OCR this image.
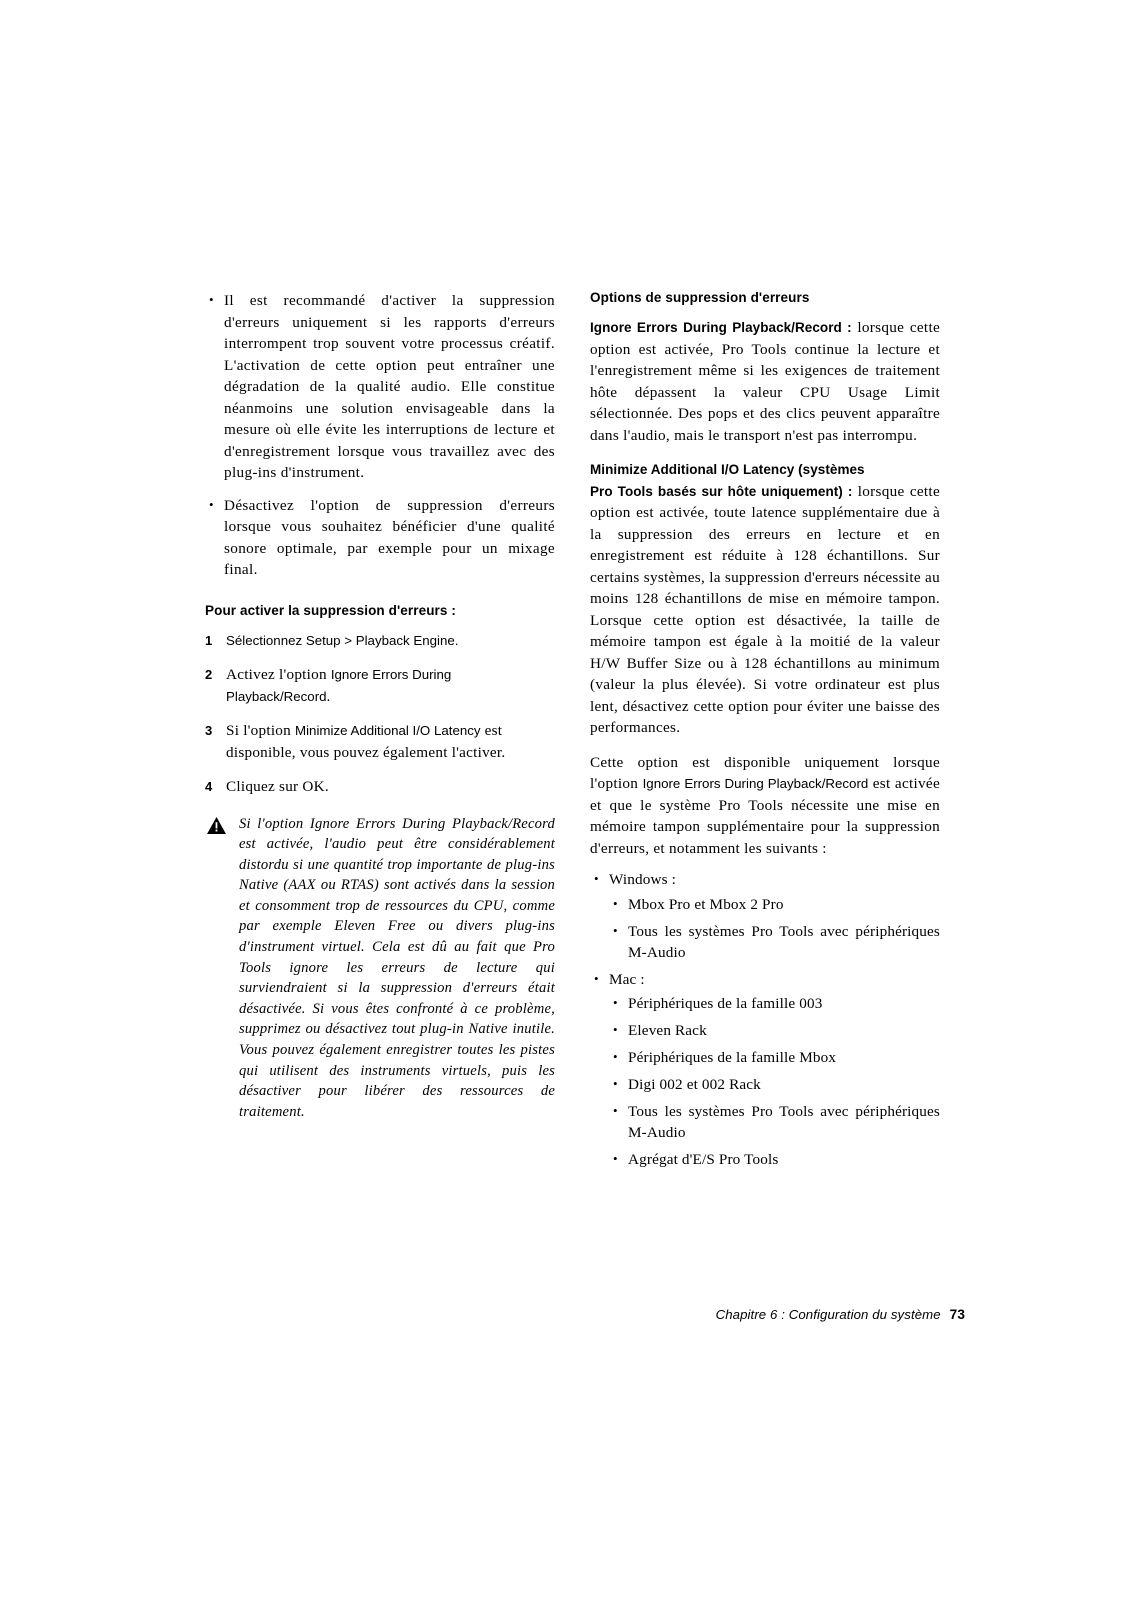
• Il est recommandé d'activer la suppression d'erreurs uniquement si les rapports d'erreurs interrompent trop souvent votre processus créatif. L'activation de cette option peut entraîner une dégradation de la qualité audio. Elle constitue néanmoins une solution envisageable dans la mesure où elle évite les interruptions de lecture et d'enregistrement lorsque vous travaillez avec des plug-ins d'instrument.
• Désactivez l'option de suppression d'erreurs lorsque vous souhaitez bénéficier d'une qualité sonore optimale, par exemple pour un mixage final.
Pour activer la suppression d'erreurs :
1 Sélectionnez Setup > Playback Engine.
2 Activez l'option Ignore Errors During Playback/Record.
3 Si l'option Minimize Additional I/O Latency est disponible, vous pouvez également l'activer.
4 Cliquez sur OK.

Si l'option Ignore Errors During Playback/Record est activée, l'audio peut être considérablement distordu si une quantité trop importante de plug-ins Native (AAX ou RTAS) sont activés dans la session et consomment trop de ressources du CPU, comme par exemple Eleven Free ou divers plug-ins d'instrument virtuel. Cela est dû au fait que Pro Tools ignore les erreurs de lecture qui surviendraient si la suppression d'erreurs était désactivée. Si vous êtes confronté à ce problème, supprimez ou désactivez tout plug-in Native inutile. Vous pouvez également enregistrer toutes les pistes qui utilisent des instruments virtuels, puis les désactiver pour libérer des ressources de traitement.

Options de suppression d'erreurs

Ignore Errors During Playback/Record : lorsque cette option est activée, Pro Tools continue la lecture et l'enregistrement même si les exigences de traitement hôte dépassent la valeur CPU Usage Limit sélectionnée. Des pops et des clics peuvent apparaître dans l'audio, mais le transport n'est pas interrompu.

Minimize Additional I/O Latency (systèmes
Pro Tools basés sur hôte uniquement) : lorsque cette option est activée, toute latence supplémentaire due à la suppression des erreurs en lecture et en enregistrement est réduite à 128 échantillons. Sur certains systèmes, la suppression d'erreurs nécessite au moins 128 échantillons de mise en mémoire tampon. Lorsque cette option est désactivée, la taille de mémoire tampon est égale à la moitié de la valeur H/W Buffer Size ou à 128 échantillons au minimum (valeur la plus élevée). Si votre ordinateur est plus lent, désactivez cette option pour éviter une baisse des performances.

Cette option est disponible uniquement lorsque l'option Ignore Errors During Playback/Record est activée et que le système Pro Tools nécessite une mise en mémoire tampon supplémentaire pour la suppression d'erreurs, et notamment les suivants :

• Windows :
• Mbox Pro et Mbox 2 Pro
• Tous les systèmes Pro Tools avec périphériques M-Audio
• Mac :
• Périphériques de la famille 003
• Eleven Rack
• Périphériques de la famille Mbox
• Digi 002 et 002 Rack
• Tous les systèmes Pro Tools avec périphériques M-Audio
• Agrégat d'E/S Pro Tools
Chapitre 6 : Configuration du système 73
